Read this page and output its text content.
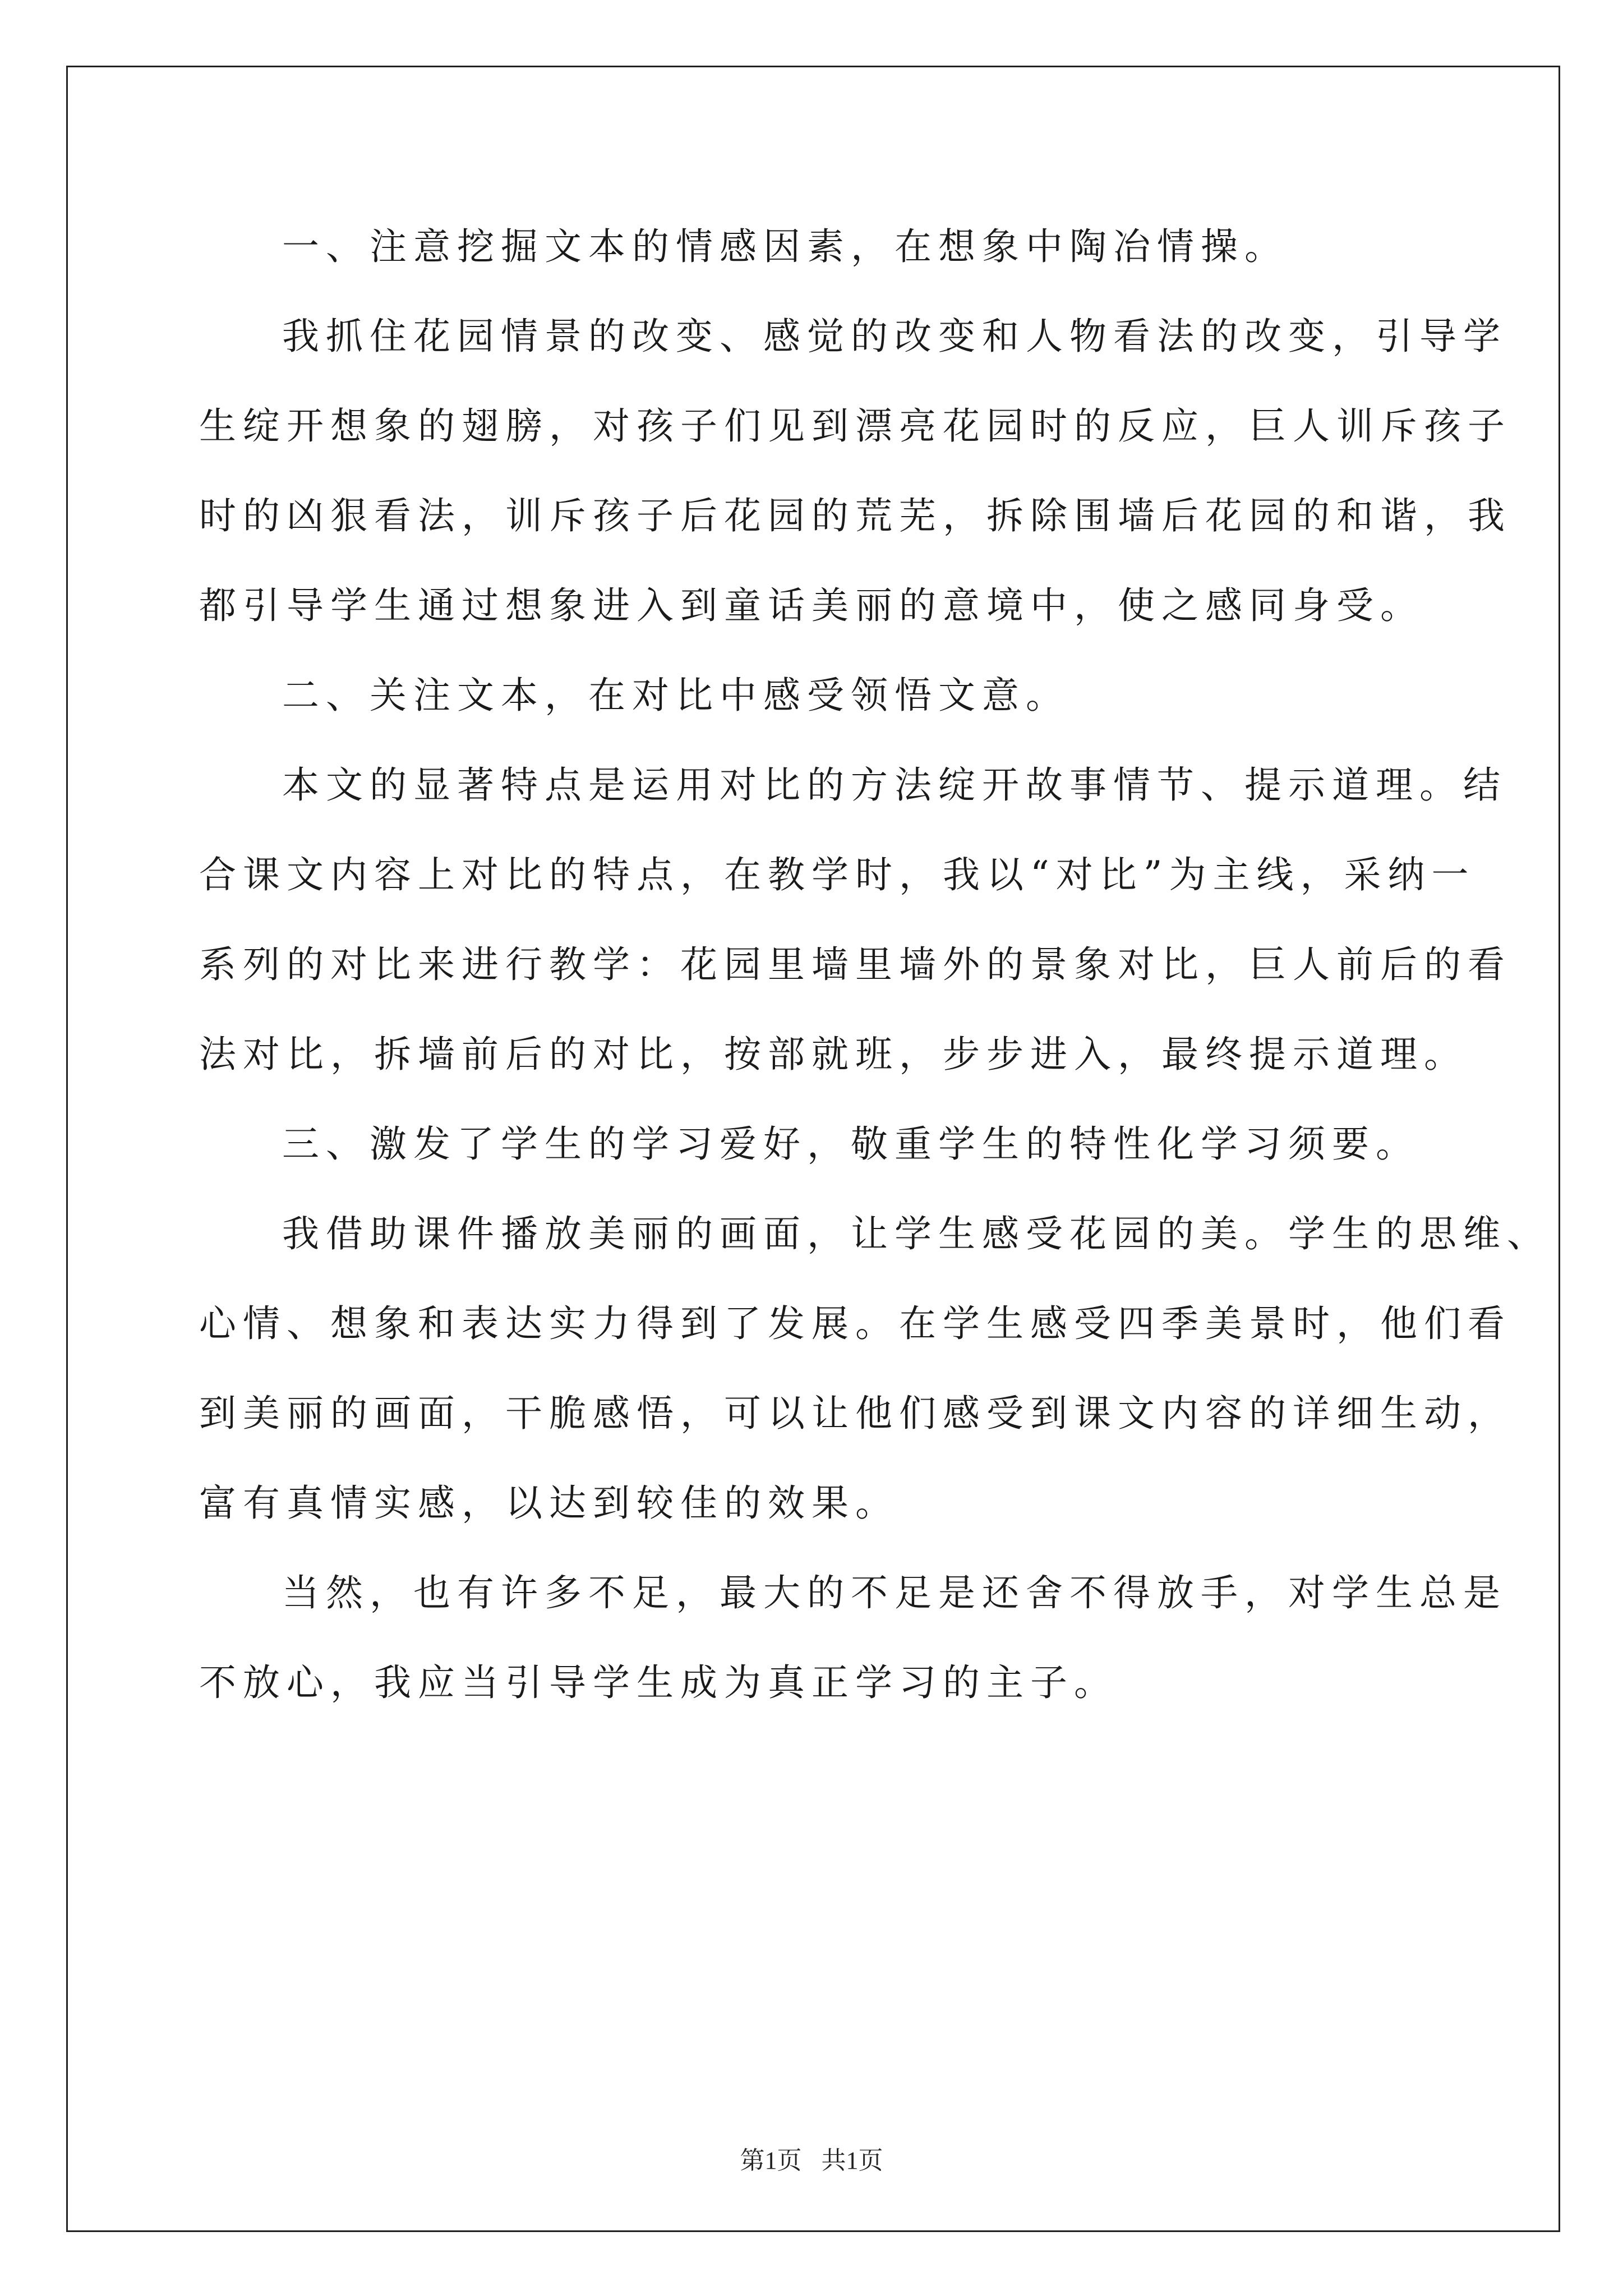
一、注意挖掘文本的情感因素，在想象中陶冶情操。
我抓住花园情景的改变、感觉的改变和人物看法的改变，引导学
生绽开想象的翅膀，对孩子们见到漂亮花园时的反应，巨人训斥孩子
时的凶狠看法，训斥孩子后花园的荒芜，拆除围墙后花园的和谐，我
都引导学生通过想象进入到童话美丽的意境中，使之感同身受。
二、关注文本，在对比中感受领悟文意。
本文的显著特点是运用对比的方法绽开故事情节、提示道理。结
合课文内容上对比的特点，在教学时，我以“对比”为主线，采纳一
系列的对比来进行教学：花园里墙里墙外的景象对比，巨人前后的看
法对比，拆墙前后的对比，按部就班，步步进入，最终提示道理。
三、激发了学生的学习爱好，敬重学生的特性化学习须要。
我借助课件播放美丽的画面，让学生感受花园的美。学生的思维、
心情、想象和表达实力得到了发展。在学生感受四季美景时，他们看
到美丽的画面，干脆感悟，可以让他们感受到课文内容的详细生动，
富有真情实感，以达到较佳的效果。
当然，也有许多不足，最大的不足是还舍不得放手，对学生总是
不放心，我应当引导学生成为真正学习的主子。
第1页 共1页
